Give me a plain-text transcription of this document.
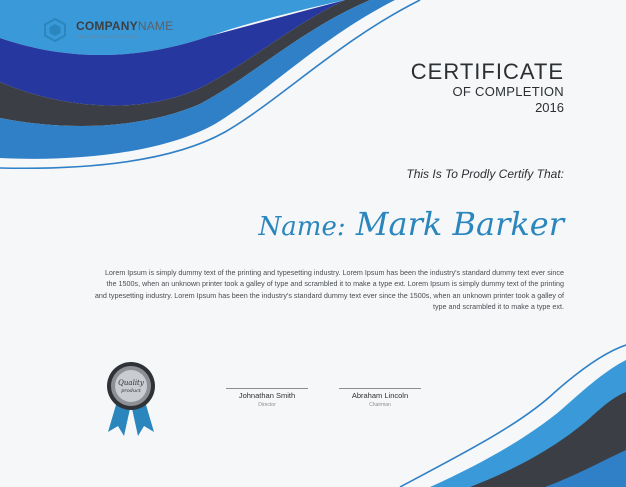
COMPANYNAME
YOUR TAGLINE GOES HERE
CERTIFICATE
OF COMPLETION
2016
This Is To Prodly Certify That:
Name: Mark Barker
Lorem Ipsum is simply dummy text of the printing and typesetting industry. Lorem Ipsum has been the industry's standard dummy text ever since the 1500s, when an unknown printer took a galley of type and scrambled it to make a type ext. Lorem Ipsum is simply dummy text of the printing and typesetting industry. Lorem Ipsum has been the industry's standard dummy text ever since the 1500s, when an unknown printer took a galley of type and scrambled it to make a type ext.
Quality
product	Johnathan Smith
Director
Abraham Lincoln
Chairman
